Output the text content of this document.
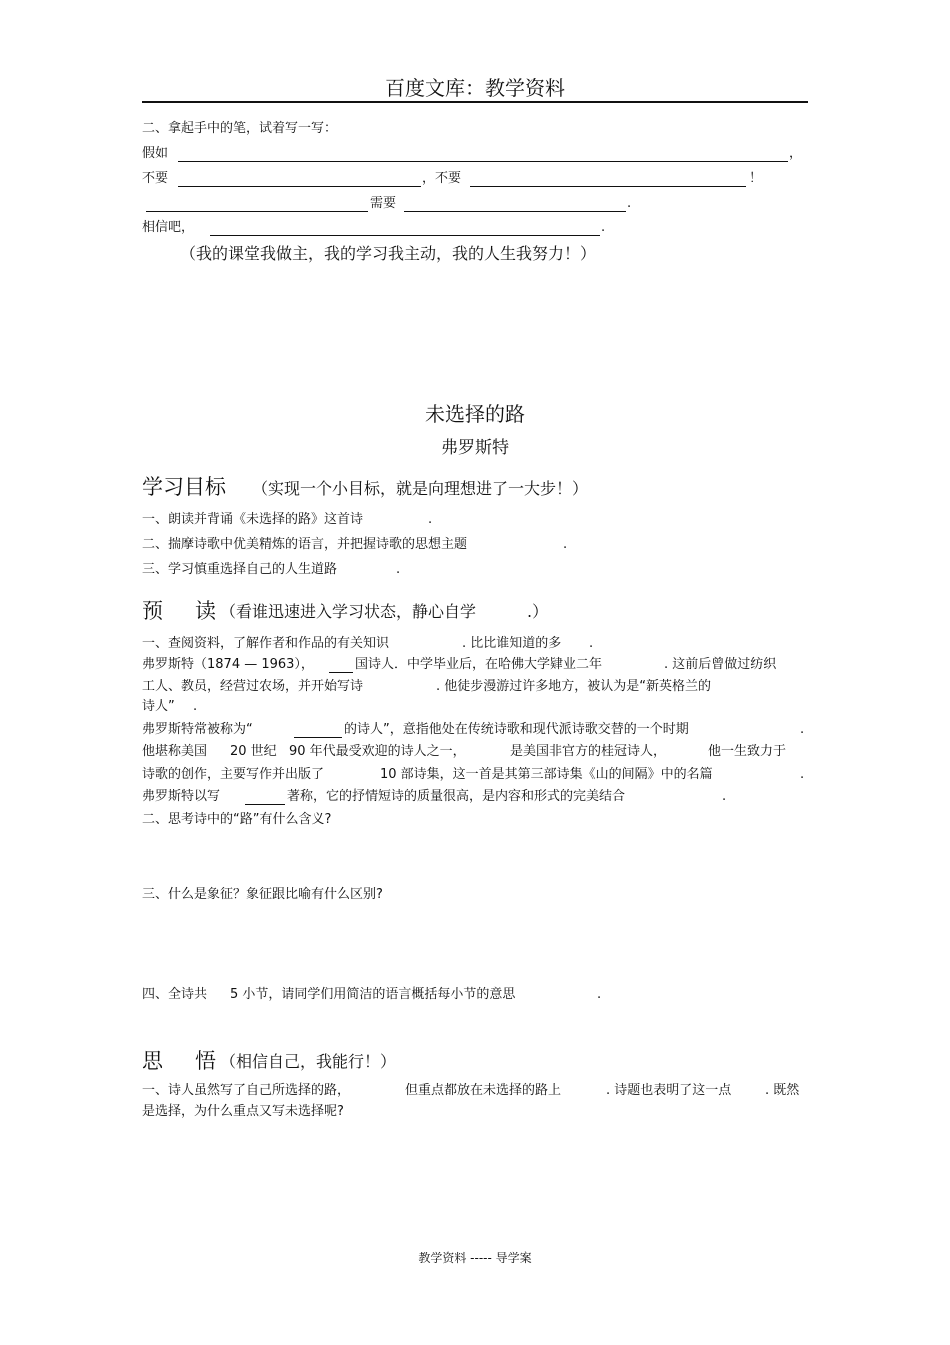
百度文库：教学资料
二、拿起手中的笔，试着写一写：
假如	，
不要	，不要	！
需要	.
相信吧，	.
（我的课堂我做主，我的学习我主动，我的人生我努力！）
未选择的路
弗罗斯特
学习目标 （实现一个小目标，就是向理想进了一大步！）
一、朗读并背诵《未选择的路》这首诗	.
二、揣摩诗歌中优美精炼的语言，并把握诗歌的思想主题	.
三、学习慎重选择自己的人生道路	.
预 读 （看谁迅速进入学习状态，静心自学	.）
一、查阅资料，了解作者和作品的有关知识	. 比比谁知道的多 .
弗罗斯特（1874 — 1963），	国诗人．中学毕业后，在哈佛大学肄业二年	. 这前后曾做过纺织
工人、教员，经营过农场，并开始写诗	. 他徒步漫游过许多地方，被认为是“新英格兰的
诗人” .
弗罗斯特常被称为“	的诗人”，意指他处在传统诗歌和现代派诗歌交替的一个时期	.
他堪称美国 20 世纪 90 年代最受欢迎的诗人之一，	是美国非官方的桂冠诗人，	他一生致力于
诗歌的创作，主要写作并出版了	10 部诗集，这一首是其第三部诗集《山的间隔》中的名篇	.
弗罗斯特以写	著称，它的抒情短诗的质量很高，是内容和形式的完美结合	.
二、思考诗中的“路”有什么含义?
三、什么是象征？象征跟比喻有什么区别?
四、全诗共 5 小节，请同学们用简洁的语言概括每小节的意思	.
思 悟 （相信自己，我能行！）
一、诗人虽然写了自己所选择的路，	但重点都放在未选择的路上	. 诗题也表明了这一点	. 既然
是选择，为什么重点又写未选择呢?
教学资料 ----- 导学案
